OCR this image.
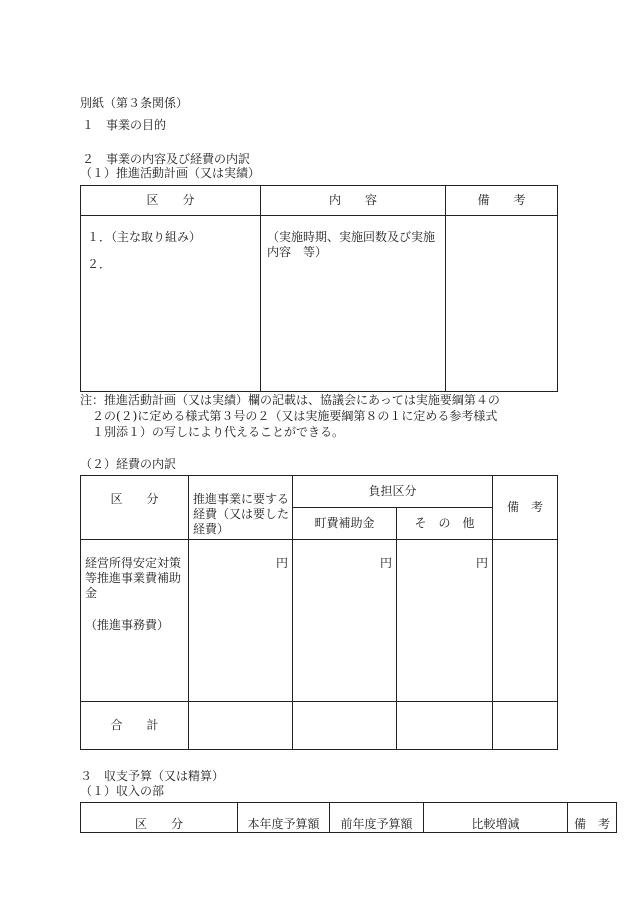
別紙（第３条関係）
１　事業の目的
２　事業の内容及び経費の内訳
（１）推進活動計画（又は実績）
区　　分	内　　容	備　　考

１．（主な取り組み）
２．	（実施時期、実施回数及び実施内容　等）	

注：推進活動計画（又は実績）欄の記載は、協議会にあっては実施要綱第４の
２の(２)に定める様式第３号の２（又は実施要綱第８の１に定める参考様式
１別添１）の写しにより代えることができる。
（２）経費の内訳
区　　分	推進事業に要する経費（又は要した経費）	負担区分		備　考
		町費補助金	そ　の　他	

経営所得安定対策等推進事業費補助金
（推進事務費）	円	円	円	
合　　計				
３　収支予算（又は精算）
（１）収入の部
区　　分	本年度予算額	前年度予算額	比較増減	備　考
